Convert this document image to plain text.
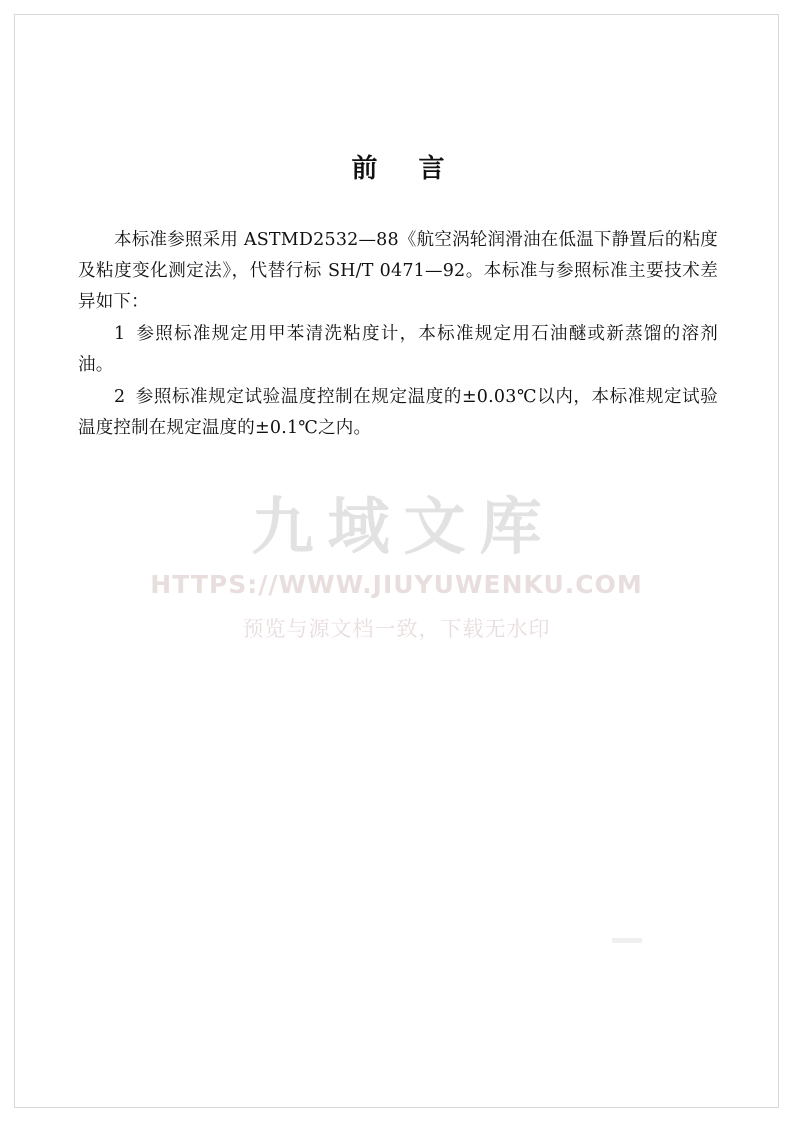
前 言

本标准参照采用 ASTMD2532—88《航空涡轮润滑油在低温下静置后的粘度及粘度变化测定法》，代替行标 SH/T 0471—92。本标准与参照标准主要技术差异如下：

1 参照标准规定用甲苯清洗粘度计，本标准规定用石油醚或新蒸馏的溶剂油。

2 参照标准规定试验温度控制在规定温度的±0.03℃以内，本标准规定试验温度控制在规定温度的±0.1℃之内。

九域文库
HTTPS://WWW.JIUYUWENKU.COM
预览与源文档一致，下载无水印
